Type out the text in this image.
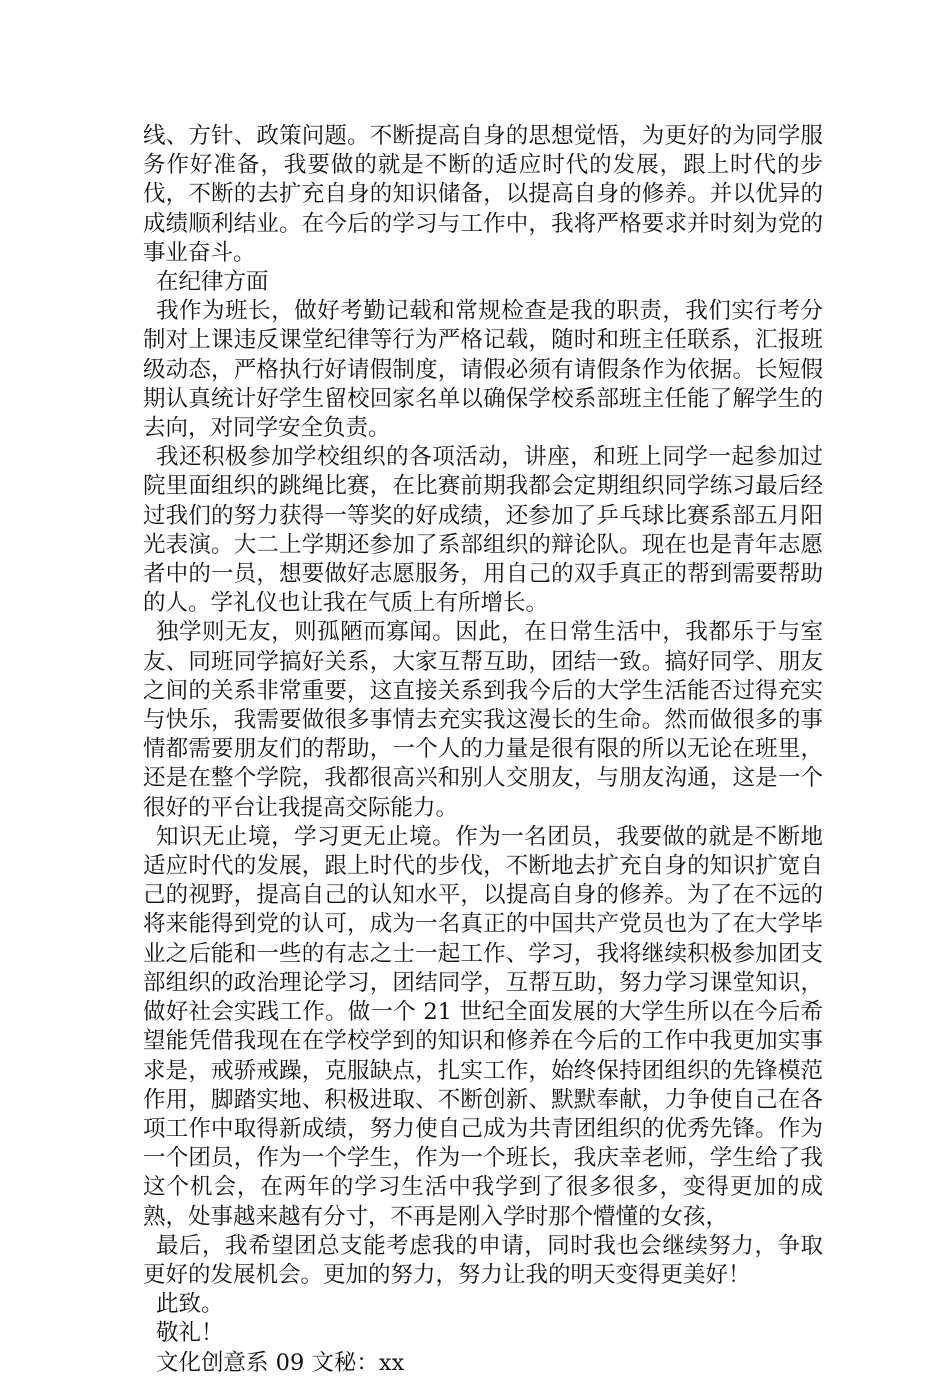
线、方针、政策问题。不断提高自身的思想觉悟，为更好的为同学服务作好准备，我要做的就是不断的适应时代的发展，跟上时代的步伐，不断的去扩充自身的知识储备，以提高自身的修养。并以优异的成绩顺利结业。在今后的学习与工作中，我将严格要求并时刻为党的事业奋斗。

在纪律方面

我作为班长，做好考勤记载和常规检查是我的职责，我们实行考分制对上课违反课堂纪律等行为严格记载，随时和班主任联系，汇报班级动态，严格执行好请假制度，请假必须有请假条作为依据。长短假期认真统计好学生留校回家名单以确保学校系部班主任能了解学生的去向，对同学安全负责。

我还积极参加学校组织的各项活动，讲座，和班上同学一起参加过院里面组织的跳绳比赛，在比赛前期我都会定期组织同学练习最后经过我们的努力获得一等奖的好成绩，还参加了乒乓球比赛系部五月阳光表演。大二上学期还参加了系部组织的辩论队。现在也是青年志愿者中的一员，想要做好志愿服务，用自己的双手真正的帮到需要帮助的人。学礼仪也让我在气质上有所增长。

独学则无友，则孤陋而寡闻。因此，在日常生活中，我都乐于与室友、同班同学搞好关系，大家互帮互助，团结一致。搞好同学、朋友之间的关系非常重要，这直接关系到我今后的大学生活能否过得充实与快乐，我需要做很多事情去充实我这漫长的生命。然而做很多的事情都需要朋友们的帮助，一个人的力量是很有限的所以无论在班里，还是在整个学院，我都很高兴和别人交朋友，与朋友沟通，这是一个很好的平台让我提高交际能力。

知识无止境，学习更无止境。作为一名团员，我要做的就是不断地适应时代的发展，跟上时代的步伐，不断地去扩充自身的知识扩宽自己的视野，提高自己的认知水平，以提高自身的修养。为了在不远的将来能得到党的认可，成为一名真正的中国共产党员也为了在大学毕业之后能和一些的有志之士一起工作、学习，我将继续积极参加团支部组织的政治理论学习，团结同学，互帮互助，努力学习课堂知识，做好社会实践工作。做一个 21 世纪全面发展的大学生所以在今后希望能凭借我现在在学校学到的知识和修养在今后的工作中我更加实事求是，戒骄戒躁，克服缺点，扎实工作，始终保持团组织的先锋模范作用，脚踏实地、积极进取、不断创新、默默奉献，力争使自己在各项工作中取得新成绩，努力使自己成为共青团组织的优秀先锋。作为一个团员，作为一个学生，作为一个班长，我庆幸老师，学生给了我这个机会，在两年的学习生活中我学到了很多很多，变得更加的成熟，处事越来越有分寸，不再是刚入学时那个懵懂的女孩，

最后，我希望团总支能考虑我的申请，同时我也会继续努力，争取更好的发展机会。更加的努力，努力让我的明天变得更美好！

此致。

敬礼！

文化创意系 09 文秘：xx
